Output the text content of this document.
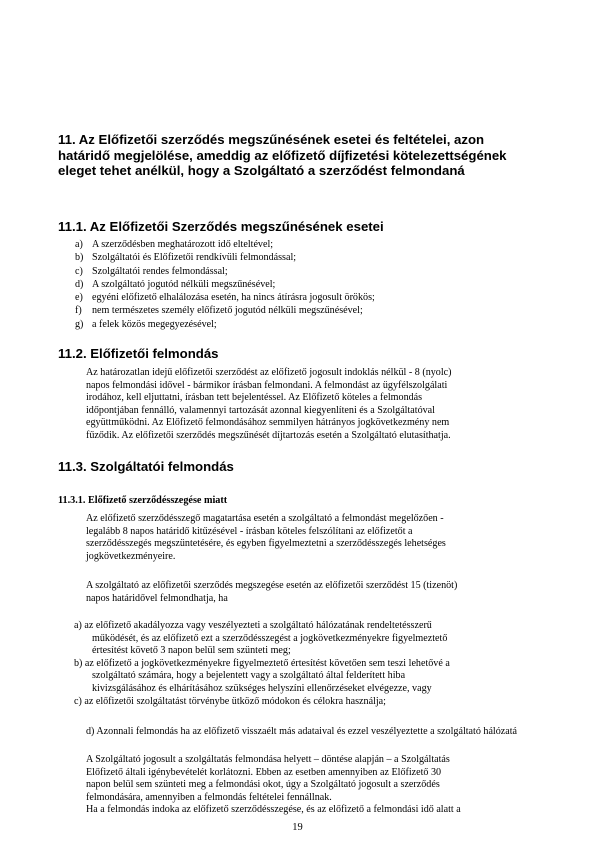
11. Az Előfizetői szerződés megszűnésének esetei és feltételei, azon
határidő megjelölése, ameddig az előfizető díjfizetési kötelezettségének
eleget tehet anélkül, hogy a Szolgáltató a szerződést felmondaná
11.1. Az Előfizetői Szerződés megszűnésének esetei
a) A szerződésben meghatározott idő elteltével;
b) Szolgáltatói és Előfizetői rendkívüli felmondással;
c) Szolgáltatói rendes felmondással;
d) A szolgáltató jogutód nélküli megszűnésével;
e) egyéni előfizető elhalálozása esetén, ha nincs átírásra jogosult örökös;
f) nem természetes személy előfizető jogutód nélküli megszűnésével;
g) a felek közös megegyezésével;
11.2. Előfizetői felmondás

Az határozatlan idejű előfizetői szerződést az előfizető jogosult indoklás nélkül - 8 (nyolc)
napos felmondási idővel - bármikor írásban felmondani. A felmondást az ügyfélszolgálati
irodához, kell eljuttatni, írásban tett bejelentéssel. Az Előfizető köteles a felmondás
időpontjában fennálló, valamennyi tartozását azonnal kiegyenlíteni és a Szolgáltatóval
együttműködni. Az Előfizető felmondásához semmilyen hátrányos jogkövetkezmény nem
fűződik. Az előfizetői szerződés megszűnését díjtartozás esetén a Szolgáltató elutasíthatja.

11.3. Szolgáltatói felmondás
11.3.1. Előfizető szerződésszegése miatt

Az előfizető szerződésszegő magatartása esetén a szolgáltató a felmondást megelőzően -
legalább 8 napos határidő kitűzésével - írásban köteles felszólítani az előfizetőt a
szerződésszegés megszüntetésére, és egyben figyelmeztetni a szerződésszegés lehetséges
jogkövetkezményeire.

A szolgáltató az előfizetői szerződés megszegése esetén az előfizetői szerződést 15 (tizenöt)
napos határidővel felmondhatja, ha

a) az előfizető akadályozza vagy veszélyezteti a szolgáltató hálózatának rendeltetésszerű
működését, és az előfizető ezt a szerződésszegést a jogkövetkezményekre figyelmeztető
értesítést követő 3 napon belül sem szünteti meg;
b) az előfizető a jogkövetkezményekre figyelmeztető értesítést követően sem teszi lehetővé a
szolgáltató számára, hogy a bejelentett vagy a szolgáltató által felderített hiba
kivizsgálásához és elhárításához szükséges helyszíni ellenőrzéseket elvégezze, vagy
c) az előfizetői szolgáltatást törvénybe ütköző módokon és célokra használja;

d) Azonnali felmondás ha az előfizető visszaélt más adataival és ezzel veszélyeztette a szolgáltató hálózatá

A Szolgáltató jogosult a szolgáltatás felmondása helyett – döntése alapján – a Szolgáltatás
Előfizető általi igénybevételét korlátozni. Ebben az esetben amennyiben az Előfizető 30
napon belül sem szünteti meg a felmondási okot, úgy a Szolgáltató jogosult a szerződés
felmondására, amennyiben a felmondás feltételei fennállnak.
Ha a felmondás indoka az előfizető szerződésszegése, és az előfizető a felmondási idő alatt a

19
